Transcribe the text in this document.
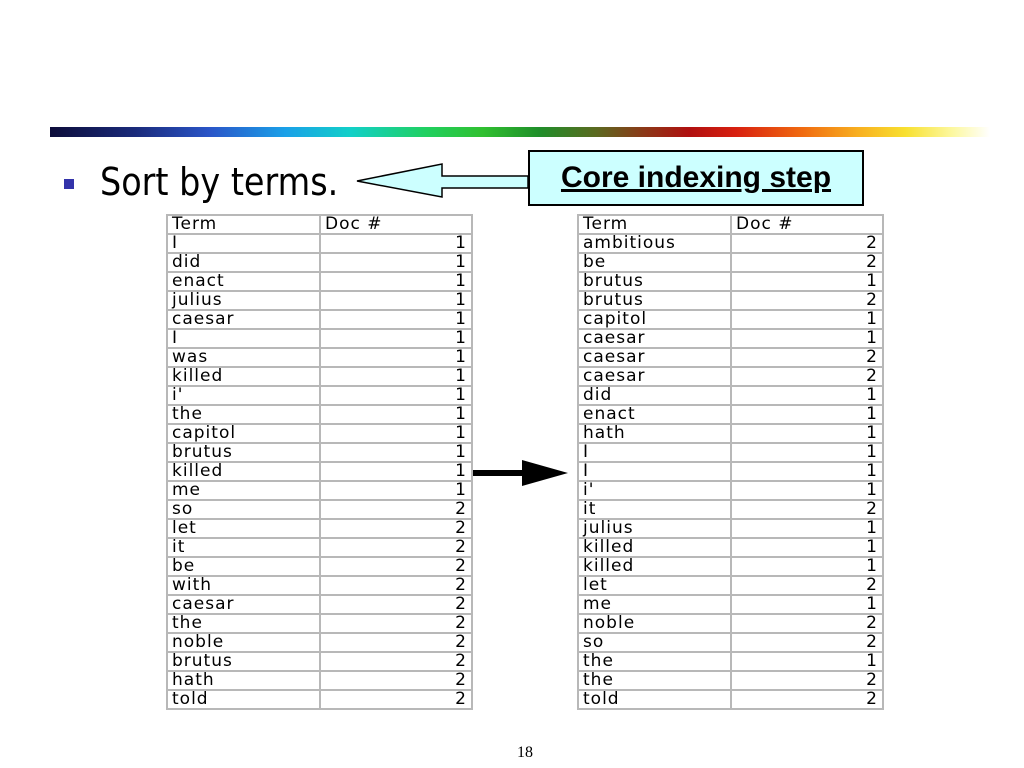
Sort by terms.	Core indexing step
Term	Doc #
I	1
did	1
enact	1
julius	1
caesar	1
I	1
was	1
killed	1
i'	1
the	1
capitol	1
brutus	1
killed	1
me	1
so	2
let	2
it	2
be	2
with	2
caesar	2
the	2
noble	2
brutus	2
hath	2
told	2
Term	Doc #
ambitious	2
be	2
brutus	1
brutus	2
capitol	1
caesar	1
caesar	2
caesar	2
did	1
enact	1
hath	1
I	1
I	1
i'	1
it	2
julius	1
killed	1
killed	1
let	2
me	1
noble	2
so	2
the	1
the	2
told	2
18
